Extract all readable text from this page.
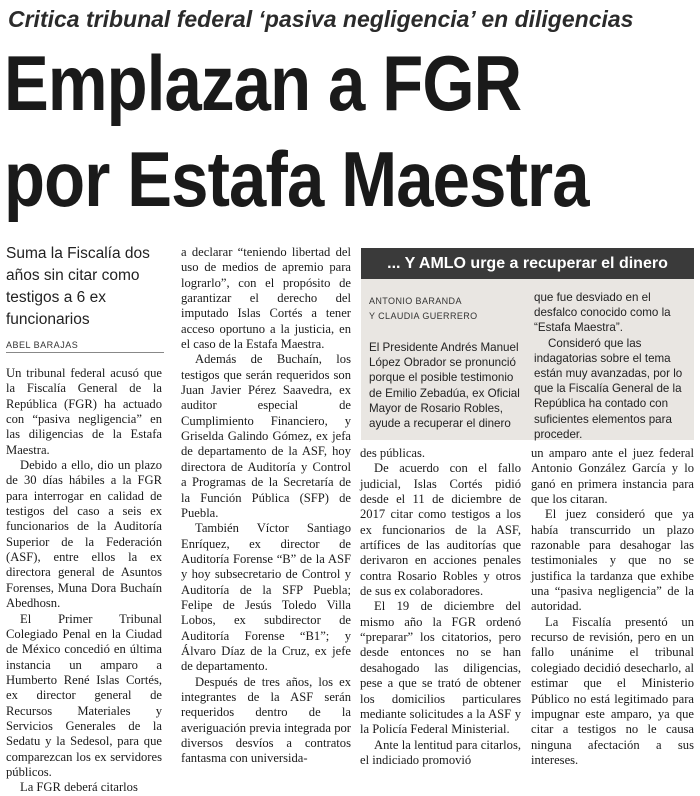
Critica tribunal federal ‘pasiva negligencia’ en diligencias
Emplazan a FGR
por Estafa Maestra
Suma la Fiscalía dos años sin citar como testigos a 6 ex funcionarios
ABEL BARAJAS

Un tribunal federal acusó que la Fiscalía General de la República (FGR) ha actuado con “pasiva negligencia” en las diligencias de la Estafa Maestra.

Debido a ello, dio un plazo de 30 días hábiles a la FGR para interrogar en calidad de testigos del caso a seis ex funcionarios de la Auditoría Superior de la Federación (ASF), entre ellos la ex directora general de Asuntos Forenses, Muna Dora Buchaín Abedhosn.

El Primer Tribunal Colegiado Penal en la Ciudad de México concedió en última instancia un amparo a Humberto René Islas Cortés, ex director general de Recursos Materiales y Servicios Generales de la Sedatu y la Sedesol, para que comparezcan los ex servidores públicos.

La FGR deberá citarlos

a declarar “teniendo libertad del uso de medios de apremio para lograrlo”, con el propósito de garantizar el derecho del imputado Islas Cortés a tener acceso oportuno a la justicia, en el caso de la Estafa Maestra.

Además de Buchaín, los testigos que serán requeridos son Juan Javier Pérez Saavedra, ex auditor especial de Cumplimiento Financiero, y Griselda Galindo Gómez, ex jefa de departamento de la ASF, hoy directora de Auditoría y Control a Programas de la Secretaría de la Función Pública (SFP) de Puebla.

También Víctor Santiago Enríquez, ex director de Auditoría Forense “B” de la ASF y hoy subsecretario de Control y Auditoría de la SFP Puebla; Felipe de Jesús Toledo Villa Lobos, ex subdirector de Auditoría Forense “B1”; y Álvaro Díaz de la Cruz, ex jefe de departamento.

Después de tres años, los ex integrantes de la ASF serán requeridos dentro de la averiguación previa integrada por diversos desvíos a contratos fantasma con universida-

... Y AMLO urge a recuperar el dinero
ANTONIO BARANDA
Y CLAUDIA GUERRERO

El Presidente Andrés Manuel López Obrador se pronunció porque el posible testimonio de Emilio Zebadúa, ex Oficial Mayor de Rosario Robles, ayude a recuperar el dinero

que fue desviado en el desfalco conocido como la “Estafa Maestra”.

Consideró que las indagatorias sobre el tema están muy avanzadas, por lo que la Fiscalía General de la República ha contado con suficientes elementos para proceder.

des públicas.

De acuerdo con el fallo judicial, Islas Cortés pidió desde el 11 de diciembre de 2017 citar como testigos a los ex funcionarios de la ASF, artífices de las auditorías que derivaron en acciones penales contra Rosario Robles y otros de sus ex colaboradores.

El 19 de diciembre del mismo año la FGR ordenó “preparar” los citatorios, pero desde entonces no se han desahogado las diligencias, pese a que se trató de obtener los domicilios particulares mediante solicitudes a la ASF y la Policía Federal Ministerial.

Ante la lentitud para citarlos, el indiciado promovió

un amparo ante el juez federal Antonio González García y lo ganó en primera instancia para que los citaran.

El juez consideró que ya había transcurrido un plazo razonable para desahogar las testimoniales y que no se justifica la tardanza que exhibe una “pasiva negligencia” de la autoridad.

La Fiscalía presentó un recurso de revisión, pero en un fallo unánime el tribunal colegiado decidió desecharlo, al estimar que el Ministerio Público no está legitimado para impugnar este amparo, ya que citar a testigos no le causa ninguna afectación a sus intereses.
